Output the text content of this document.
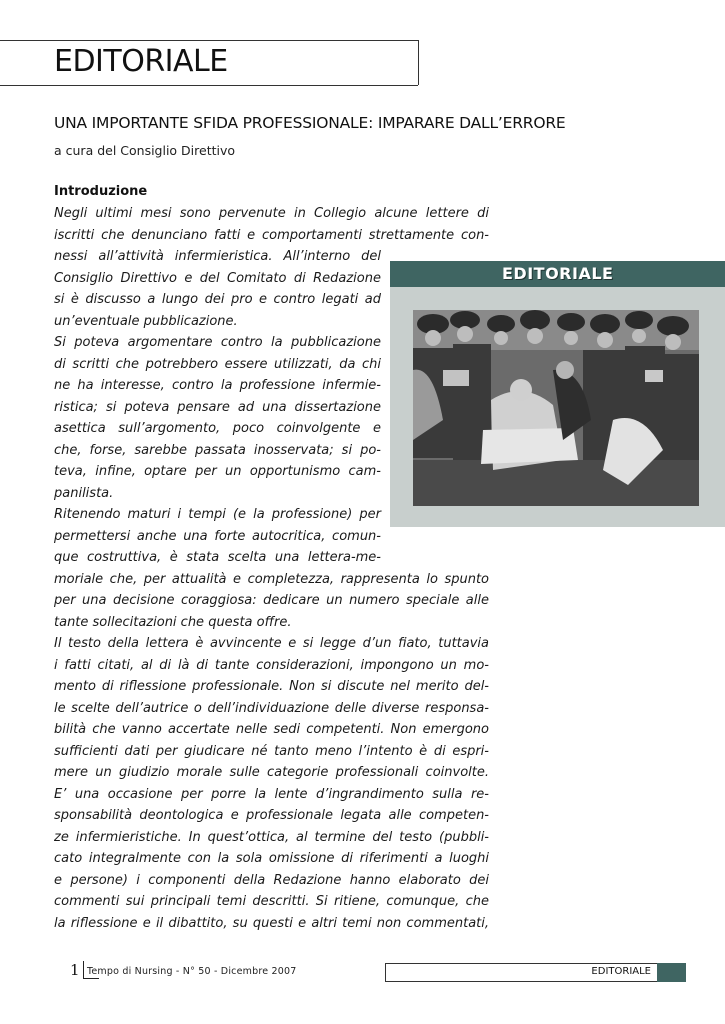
EDITORIALE
UNA IMPORTANTE SFIDA PROFESSIONALE: IMPARARE DALL’ERRORE

a cura del Consiglio Direttivo

Introduzione

Negli ultimi mesi sono pervenute in Collegio alcune lettere di

iscritti che denunciano fatti e comportamenti strettamente con-

nessi all’attività infermieristica. All’interno del

Consiglio Direttivo e del Comitato di Redazione

si è discusso a lungo dei pro e contro legati ad

un’eventuale pubblicazione.

Si poteva argomentare contro la pubblicazione

di scritti che potrebbero essere utilizzati, da chi

ne ha interesse, contro la professione infermie-

ristica; si poteva pensare ad una dissertazione

asettica sull’argomento, poco coinvolgente e

che, forse, sarebbe passata inosservata; si po-

teva, infine, optare per un opportunismo cam-

panilista.

Ritenendo maturi i tempi (e la professione) per

permettersi anche una forte autocritica, comun-

que costruttiva, è stata scelta una lettera-me-

moriale che, per attualità e completezza, rappresenta lo spunto

per una decisione coraggiosa: dedicare un numero speciale alle

tante sollecitazioni che questa offre.

Il testo della lettera è avvincente e si legge d’un fiato, tuttavia

i fatti citati, al di là di tante considerazioni, impongono un mo-

mento di riflessione professionale. Non si discute nel merito del-

le scelte dell’autrice o dell’individuazione delle diverse responsa-

bilità che vanno accertate nelle sedi competenti. Non emergono

sufficienti dati per giudicare né tanto meno l’intento è di espri-

mere un giudizio morale sulle categorie professionali coinvolte.

E’ una occasione per porre la lente d’ingrandimento sulla re-

sponsabilità deontologica e professionale legata alle competen-

ze infermieristiche. In quest’ottica, al termine del testo (pubbli-

cato integralmente con la sola omissione di riferimenti a luoghi

e persone) i componenti della Redazione hanno elaborato dei

commenti sui principali temi descritti. Si ritiene, comunque, che

la riflessione e il dibattito, su questi e altri temi non commentati,

EDITORIALE

1 Tempo di Nursing - N° 50 - Dicembre 2007	EDITORIALE
